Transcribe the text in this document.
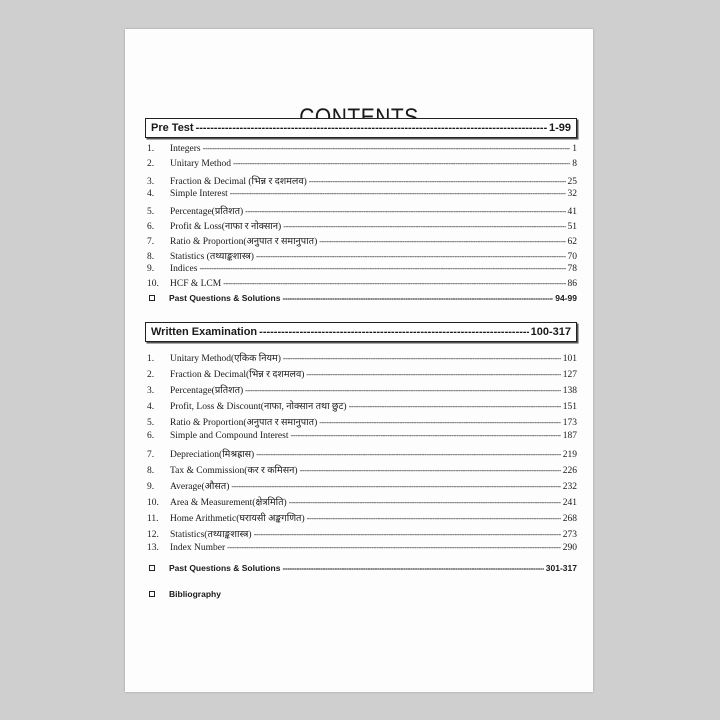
Pre Test -----	1-99
1.	Integers -----	1
2.	Unitary Method -----	8
3.	Fraction & Decimal (भिन्न र दशमलव) -----	25
4.	Simple Interest -----	32
5.	Percentage(प्रतिशत) -----	41
6.	Profit & Loss(नाफा र नोक्सान) -----	51
7.	Ratio & Proportion(अनुपात र समानुपात) -----	62
8.	Statistics (तथ्याङ्कशास्त्र) -----	70
9.	Indices -----	78
10.	HCF & LCM -----	86
Past Questions & Solutions -----	94-99
Written Examination -----	100-317
1.	Unitary Method(एकिक नियम) -----	101
2.	Fraction & Decimal(भिन्न र दशमलव) -----	127
3.	Percentage(प्रतिशत) -----	138
4.	Profit, Loss & Discount(नाफा, नोक्सान तथा छुट) -----	151
5.	Ratio & Proportion(अनुपात र समानुपात) -----	173
6.	Simple and Compound Interest -----	187
7.	Depreciation(मिश्रह्रास) -----	219
8.	Tax & Commission(कर र कमिसन) -----	226
9.	Average(औसत) -----	232
10.	Area & Measurement(क्षेत्रमिति) -----	241
11.	Home Arithmetic(घरायसी अङ्कगणित) -----	268
12.	Statistics(तथ्याङ्कशास्त्र) -----	273
13.	Index Number -----	290
Past Questions & Solutions -----	301-317
Bibliography
